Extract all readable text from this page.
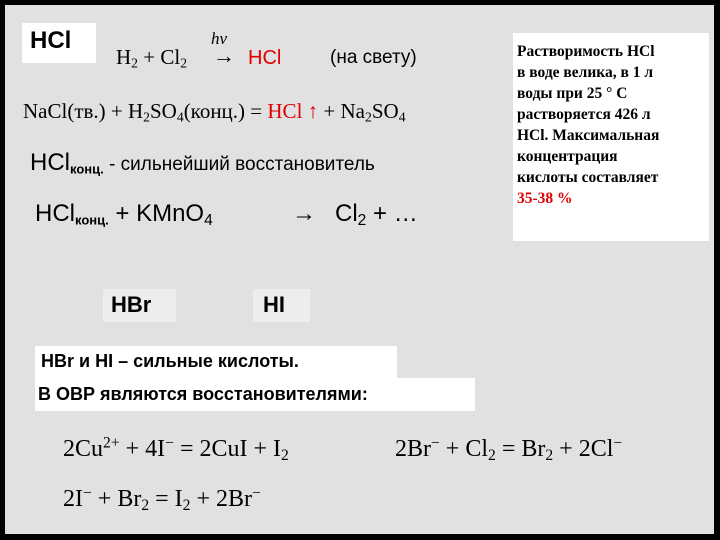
HCl
$H_2 + Cl_2$
hν
→ HCl	(на свету)
NaCl(тв.) + $H_2SO_4(конц.)$ = HCl ↑ + $Na_2SO_4$
HCl$_{конц.}$ - сильнейший восстановитель
HCl$_{конц.}$ + KMnO$_4$	→ $Cl_2$ + …
Растворимость HCl
в воде велика, в 1 л
воды при 25 ° C
растворяется 426 л
HCl. Максимальная
концентрация
кислоты составляет
35-38 %
HBr	HI
HBr и HI – сильные кислоты.
В ОВР являются восстановителями:
$2Cu^{2+} + 4I^- = 2CuI + I_2$	$2Br^- + Cl_2 = Br_2 + 2Cl^-$
$2I^- + Br_2 = I_2 + 2Br^-$
